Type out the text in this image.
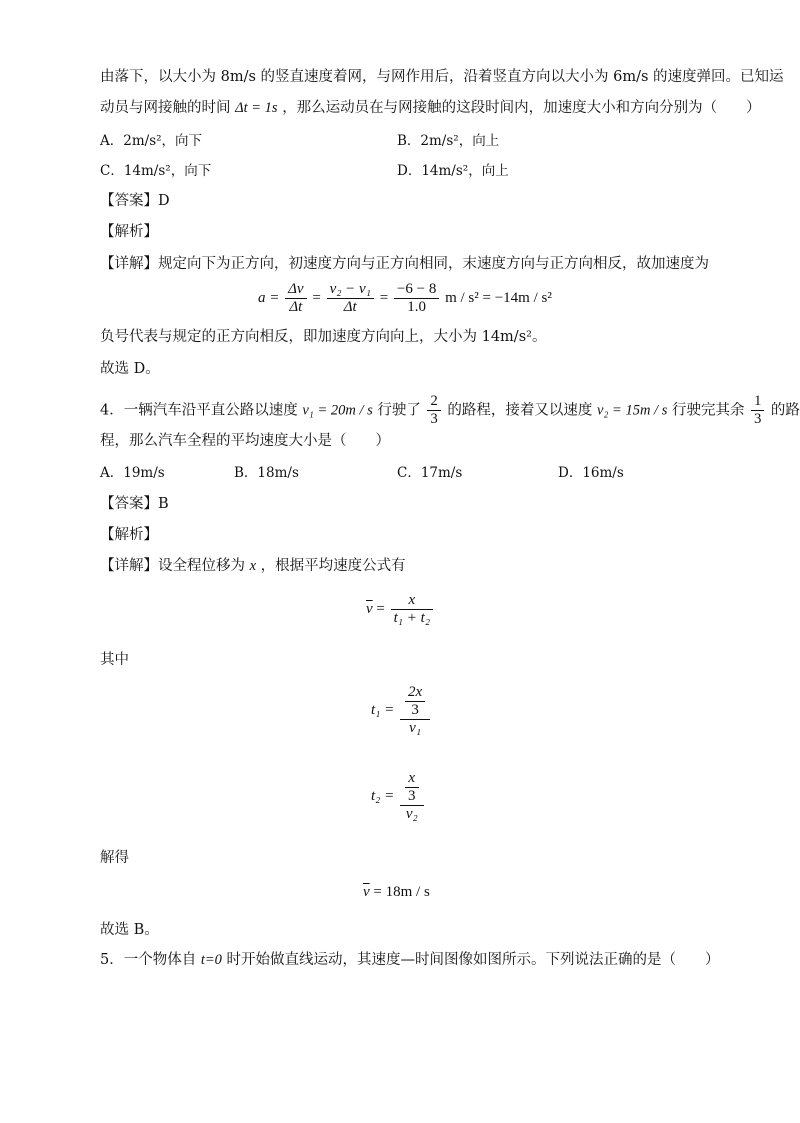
由落下，以大小为 8m/s 的竖直速度着网，与网作用后，沿着竖直方向以大小为 6m/s 的速度弹回。已知运
动员与网接触的时间 Δt = 1s ，那么运动员在与网接触的这段时间内，加速度大小和方向分别为（　　）
A．2m/s²，向下	B．2m/s²，向上
C．14m/s²，向下	D．14m/s²，向上
【答案】D
【解析】
【详解】规定向下为正方向，初速度方向与正方向相同，末速度方向与正方向相反，故加速度为
$a = \frac{\Delta v}{\Delta t} = \frac{\text{v₂ − v₁}}{\Delta t} = \frac{-6 - 8}{1.0}$ m / s² = −14m / s²
负号代表与规定的正方向相反，即加速度方向向上，大小为 14m/s²。
故选 D。
4．一辆汽车沿平直公路以速度 v₁ = 20m / s 行驶了 $\frac{2}{3}$ 的路程，接着又以速度 v₂ = 15m / s 行驶完其余 $\frac{1}{3}$ 的路
程，那么汽车全程的平均速度大小是（　　）
A．19m/s	B．18m/s	C．17m/s	D．16m/s
【答案】B
【解析】
【详解】设全程位移为 x ，根据平均速度公式有
$\overline{v} = \frac{x}{\text{t₁ + t₂}}$
其中
$t_1 = \frac{\frac{2x}{3}}{\text{v₁}}$
$t_2 = \frac{\frac{x}{3}}{\text{v₂}}$
解得
$\overline{v} = 18m / s$
故选 B。
5．一个物体自 t=0 时开始做直线运动，其速度—时间图像如图所示。下列说法正确的是（　　）
